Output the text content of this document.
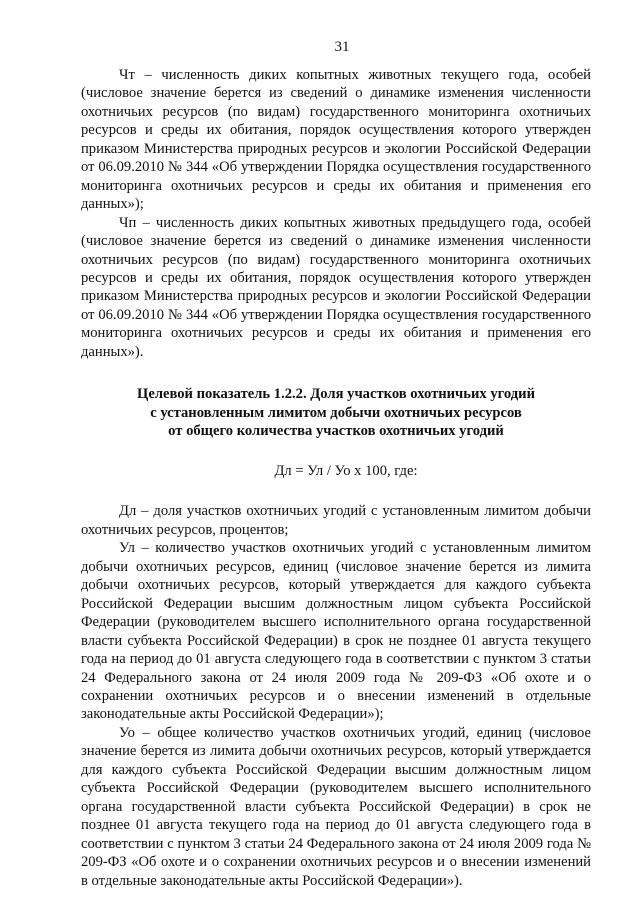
31

Чт – численность диких копытных животных текущего года, особей (числовое значение берется из сведений о динамике изменения численности охотничьих ресурсов (по видам) государственного мониторинга охотничьих ресурсов и среды их обитания, порядок осуществления которого утвержден приказом Министерства природных ресурсов и экологии Российской Федерации от 06.09.2010 № 344 «Об утверждении Порядка осуществления государственного мониторинга охотничьих ресурсов и среды их обитания и применения его данных»);

Чп – численность диких копытных животных предыдущего года, особей (числовое значение берется из сведений о динамике изменения численности охотничьих ресурсов (по видам) государственного мониторинга охотничьих ресурсов и среды их обитания, порядок осуществления которого утвержден приказом Министерства природных ресурсов и экологии Российской Федерации от 06.09.2010 № 344 «Об утверждении Порядка осуществления государственного мониторинга охотничьих ресурсов и среды их обитания и применения его данных»).

Целевой показатель 1.2.2. Доля участков охотничьих угодий
с установленным лимитом добычи охотничьих ресурсов
от общего количества участков охотничьих угодий
Дл = Ул / Уо x 100, где:

Дл – доля участков охотничьих угодий с установленным лимитом добычи охотничьих ресурсов, процентов;

Ул – количество участков охотничьих угодий с установленным лимитом добычи охотничьих ресурсов, единиц (числовое значение берется из лимита добычи охотничьих ресурсов, который утверждается для каждого субъекта Российской Федерации высшим должностным лицом субъекта Российской Федерации (руководителем высшего исполнительного органа государственной власти субъекта Российской Федерации) в срок не позднее 01 августа текущего года на период до 01 августа следующего года в соответствии с пунктом 3 статьи 24 Федерального закона от 24 июля 2009 года № 209-ФЗ «Об охоте и о сохранении охотничьих ресурсов и о внесении изменений в отдельные законодательные акты Российской Федерации»);

Уо – общее количество участков охотничьих угодий, единиц (числовое значение берется из лимита добычи охотничьих ресурсов, который утверждается для каждого субъекта Российской Федерации высшим должностным лицом субъекта Российской Федерации (руководителем высшего исполнительного органа государственной власти субъекта Российской Федерации) в срок не позднее 01 августа текущего года на период до 01 августа следующего года в соответствии с пунктом 3 статьи 24 Федерального закона от 24 июля 2009 года № 209-ФЗ «Об охоте и о сохранении охотничьих ресурсов и о внесении изменений в отдельные законодательные акты Российской Федерации»).
